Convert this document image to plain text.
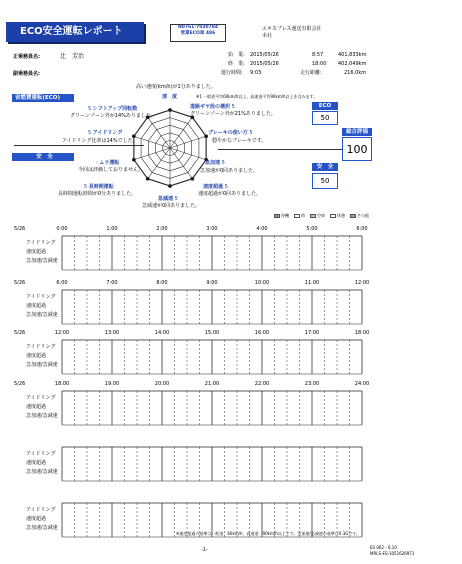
ECO安全運転レポート	N0761-7030784
営業ECO車 486
エキスプレス運送有限会社
本社
正乗務員名:	辻　芳治
副乗務員名:
始　業: 2015/05/26	8:57	401,833km
終　業: 2015/05/26	18:00 402,049km
運行時間: 9:03	走行距離:	216.0km
省燃費運転(ECO)
安　全
高い速度(km/h)が1分ありました。
※1 一般道平均60km/h以上、高速道平均90km/h以上を含みます。
速　度
道路ギヤ段の選択 5
グリーンゾーン外が21%ありました。
ブレーキの使い方 5
穏やかなブレーキです。
急加速 5
急加速が0回ありました。
速度超過 5
速度超過が0回ありました。
急減速 5
急減速が0回ありました。
5 長時間運転
長時間運転時間が0分ありました。
- ムラ運転
今回は評価しておりません。
5 アイドリング
アイドリング比率は14%でした。
5 シフトアップ回転数
グリーンゾーン外が14%ありました。
ECO
50
総合評価
100
安　全
50
待機	荷	空車	休憩	その他
5/26	0:00	1:00	2:00	3:00	4:00	5:00	6:00
アイドリング
速度超過
急加速/急減速
5/26	6:00	7:00	8:00	9:00	10:00	11:00	12:00
アイドリング
速度超過
急加速/急減速
5/26	12:00	13:00	14:00	15:00	16:00	17:00	18:00
アイドリング
速度超過
急加速/急減速
5/26	18:00	19:00	20:00	21:00	22:00	23:00	24:00
アイドリング
速度超過
急加速/急減速
アイドリング
速度超過
急加速/急減速
アイドリング
速度超過
急加速/急減速
※速度超過の基準は一般道：60km/h、高速道：90km/h以上です。急加速/急減速の基準は0.3Gです。
-1-	ES 062 - 6.10
MRLS-ES-1051626971
